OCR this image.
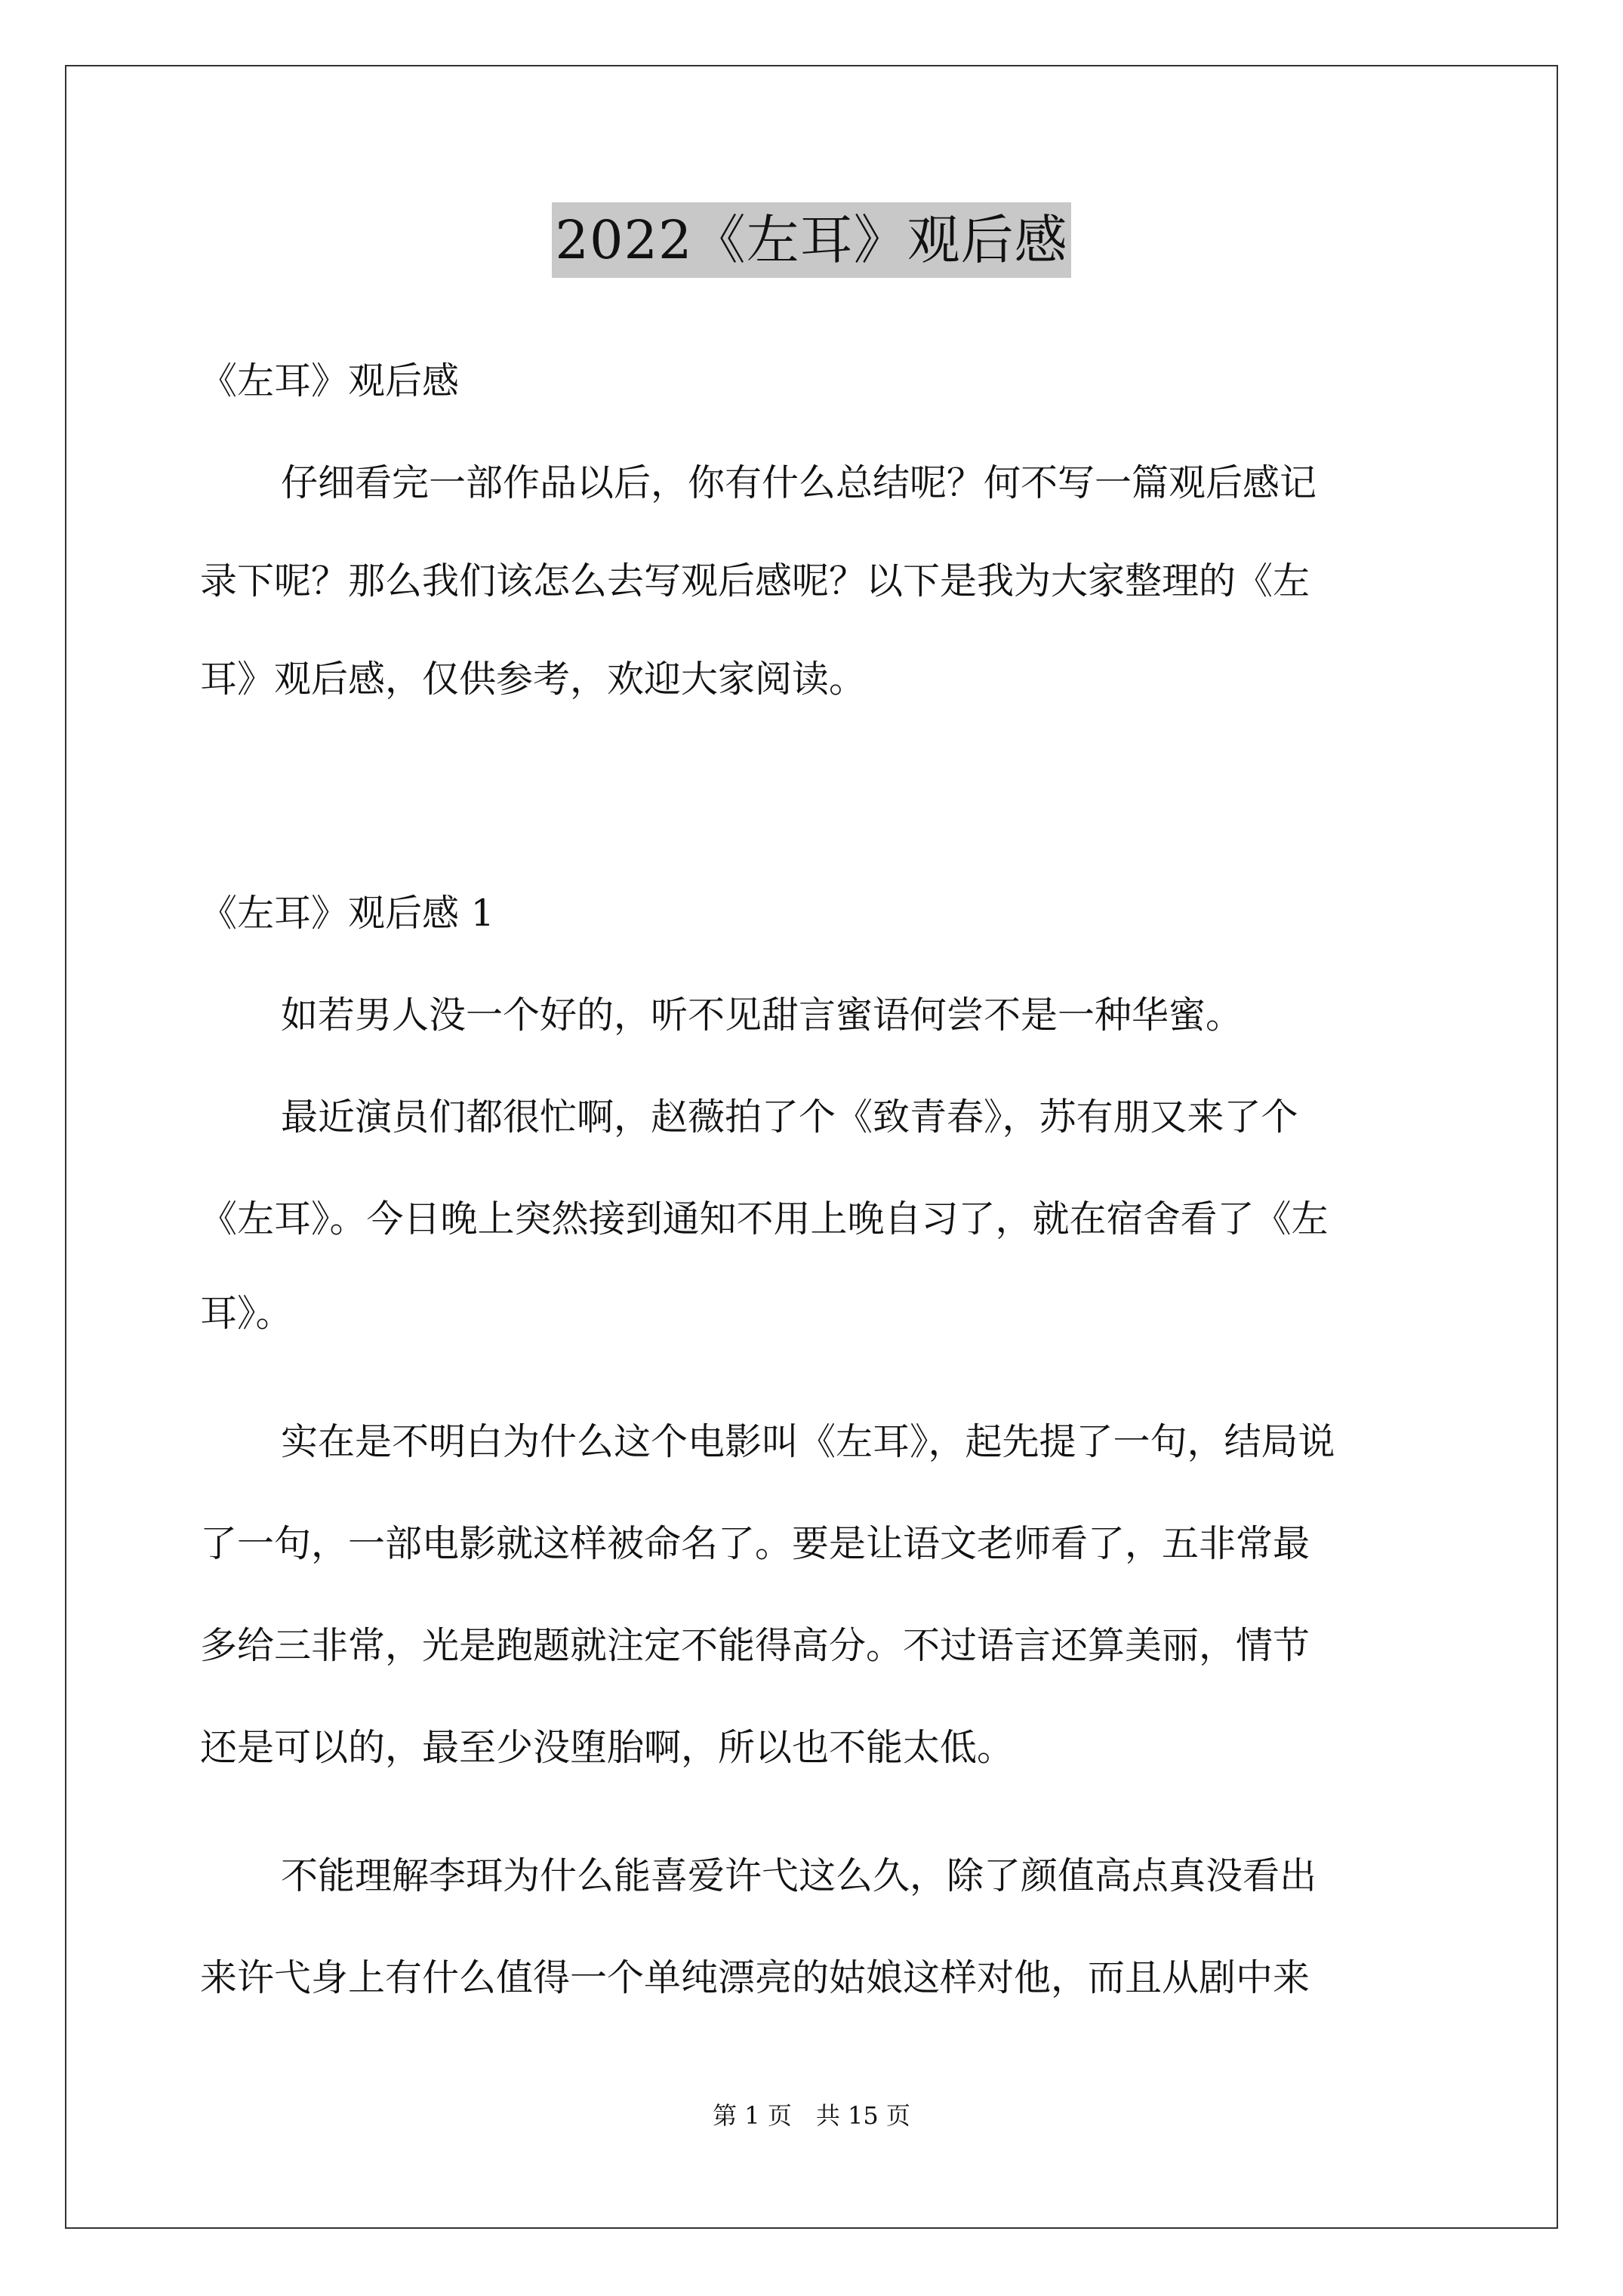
2022《左耳》观后感
《左耳》观后感
仔细看完一部作品以后，你有什么总结呢？何不写一篇观后感记
录下呢？那么我们该怎么去写观后感呢？以下是我为大家整理的《左
耳》观后感，仅供参考，欢迎大家阅读。
《左耳》观后感 1
如若男人没一个好的，听不见甜言蜜语何尝不是一种华蜜。
最近演员们都很忙啊，赵薇拍了个《致青春》，苏有朋又来了个
《左耳》。今日晚上突然接到通知不用上晚自习了，就在宿舍看了《左
耳》。
实在是不明白为什么这个电影叫《左耳》，起先提了一句，结局说
了一句，一部电影就这样被命名了。要是让语文老师看了，五非常最
多给三非常，光是跑题就注定不能得高分。不过语言还算美丽，情节
还是可以的，最至少没堕胎啊，所以也不能太低。
不能理解李珥为什么能喜爱许弋这么久，除了颜值高点真没看出
来许弋身上有什么值得一个单纯漂亮的姑娘这样对他，而且从剧中来
第 1 页　共 15 页
